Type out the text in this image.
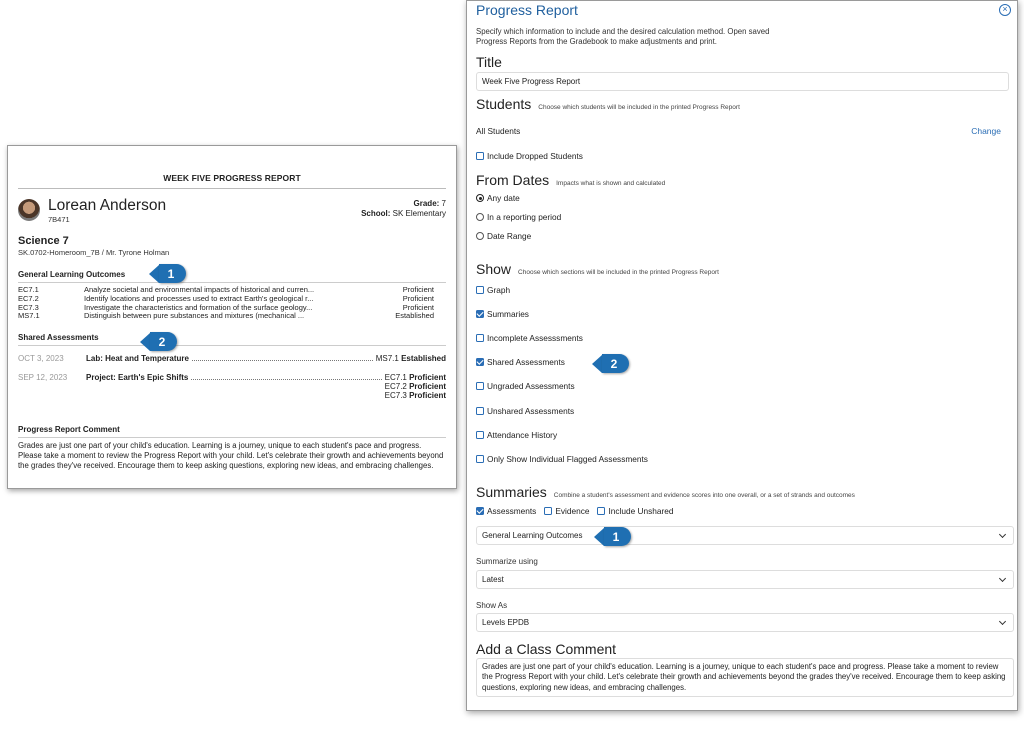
WEEK FIVE PROGRESS REPORT
Lorean Anderson
7B471
Grade: 7
School: SK Elementary
Science 7
SK.0702-Homeroom_7B / Mr. Tyrone Holman
General Learning Outcomes
EC7.1	Analyze societal and environmental impacts of historical and curren...	Proficient
EC7.2	Identify locations and processes used to extract Earth's geological r...	Proficient
EC7.3	Investigate the characteristics and formation of the surface geology...	Proficient
MS7.1	Distinguish between pure substances and mixtures (mechanical ...	Established
Shared Assessments
OCT 3, 2023	Lab: Heat and Temperature	MS7.1 Established
SEP 12, 2023	Project: Earth's Epic Shifts	EC7.1 Proficient
EC7.2 Proficient
EC7.3 Proficient
Progress Report Comment
Grades are just one part of your child's education. Learning is a journey, unique to each student's pace and progress. Please take a moment to review the Progress Report with your child. Let's celebrate their growth and achievements beyond the grades they've received. Encourage them to keep asking questions, exploring new ideas, and embracing challenges.
1
2
Progress Report	×
Specify which information to include and the desired calculation method. Open saved
Progress Reports from the Gradebook to make adjustments and print.
Title
Week Five Progress Report
Students Choose which students will be included in the printed Progress Report
All Students	Change
Include Dropped Students
From Dates Impacts what is shown and calculated
Any date
In a reporting period
Date Range
Show Choose which sections will be included in the printed Progress Report
Graph
Summaries
Incomplete Assesssments
Shared Assessments
Ungraded Assessments
Unshared Assessments
Attendance History
Only Show Individual Flagged Assessments
Summaries Combine a student's assessment and evidence scores into one overall, or a set of strands and outcomes
Assessments Evidence Include Unshared
General Learning Outcomes
Summarize using
Latest
Show As
Levels EPDB
Add a Class Comment
Grades are just one part of your child's education. Learning is a journey, unique to each student's pace and progress. Please take a moment to review the Progress Report with your child. Let's celebrate their growth and achievements beyond the grades they've received. Encourage them to keep asking questions, exploring new ideas, and embracing challenges.
2
1
